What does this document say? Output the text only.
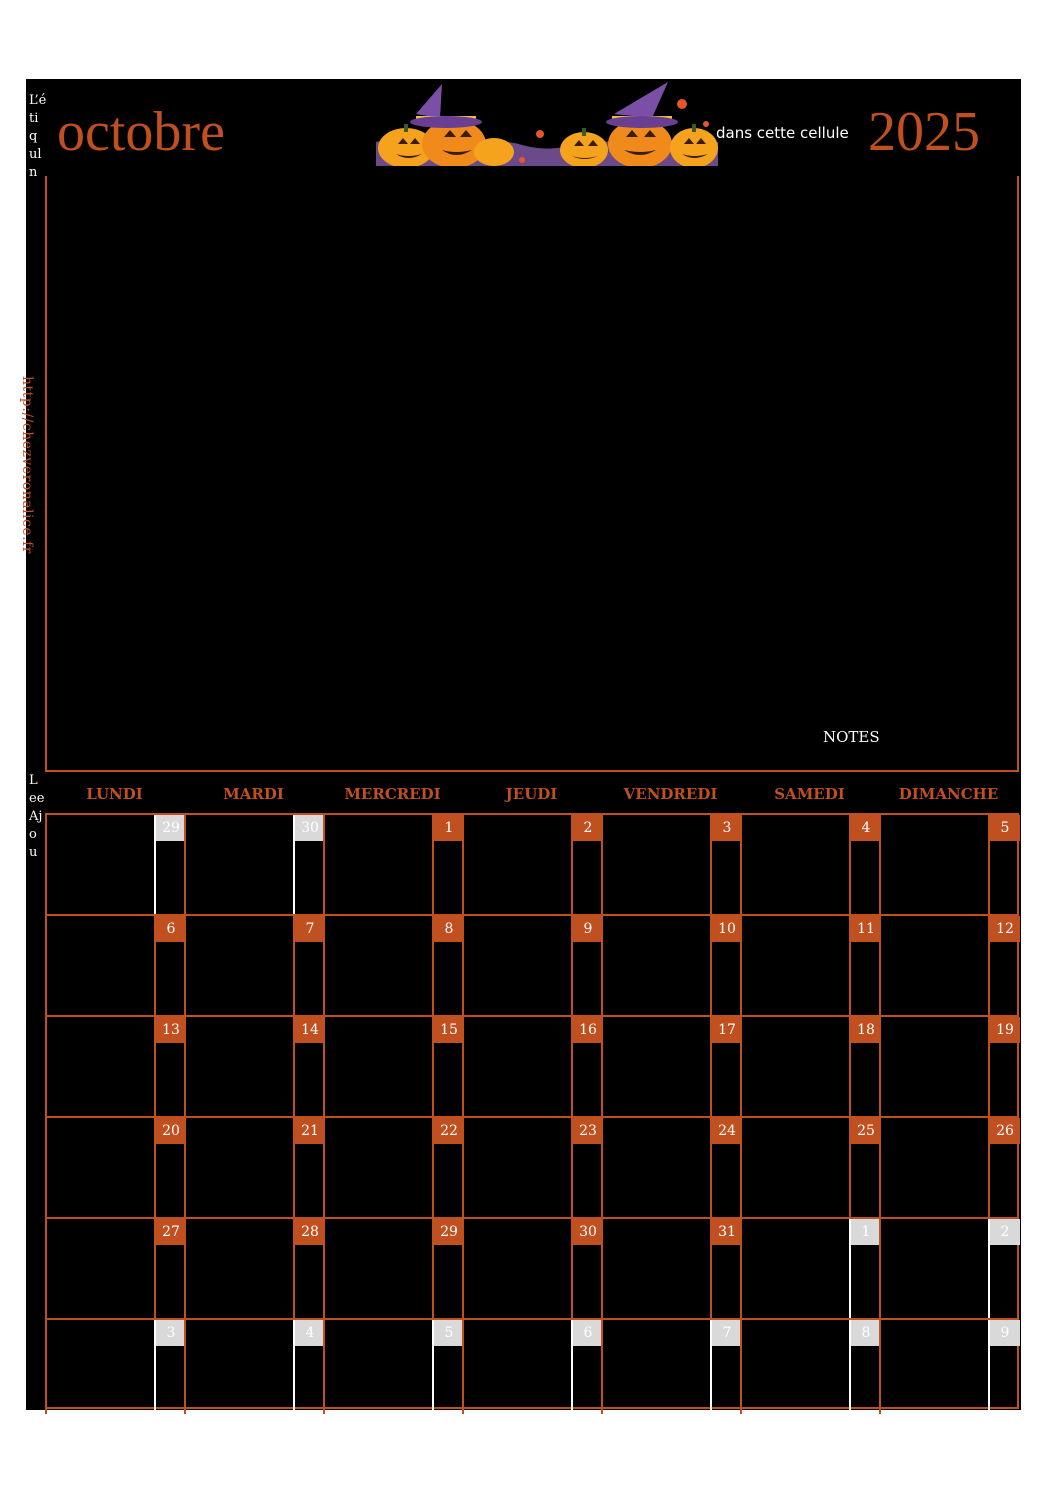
L’étiqul n
http://chezveronalice.fr
LeeAjou
octobre	dans cette cellule 2025
NOTES
LUNDI	MARDI	MERCREDI	JEUDI	VENDREDI	SAMEDI	DIMANCHE
29	30	1	2	3	4	5
6	7	8	9	10	11	12
13	14	15	16	17	18	19
20	21	22	23	24	25	26
27	28	29	30	31	1	2
3	4	5	6	7	8	9
